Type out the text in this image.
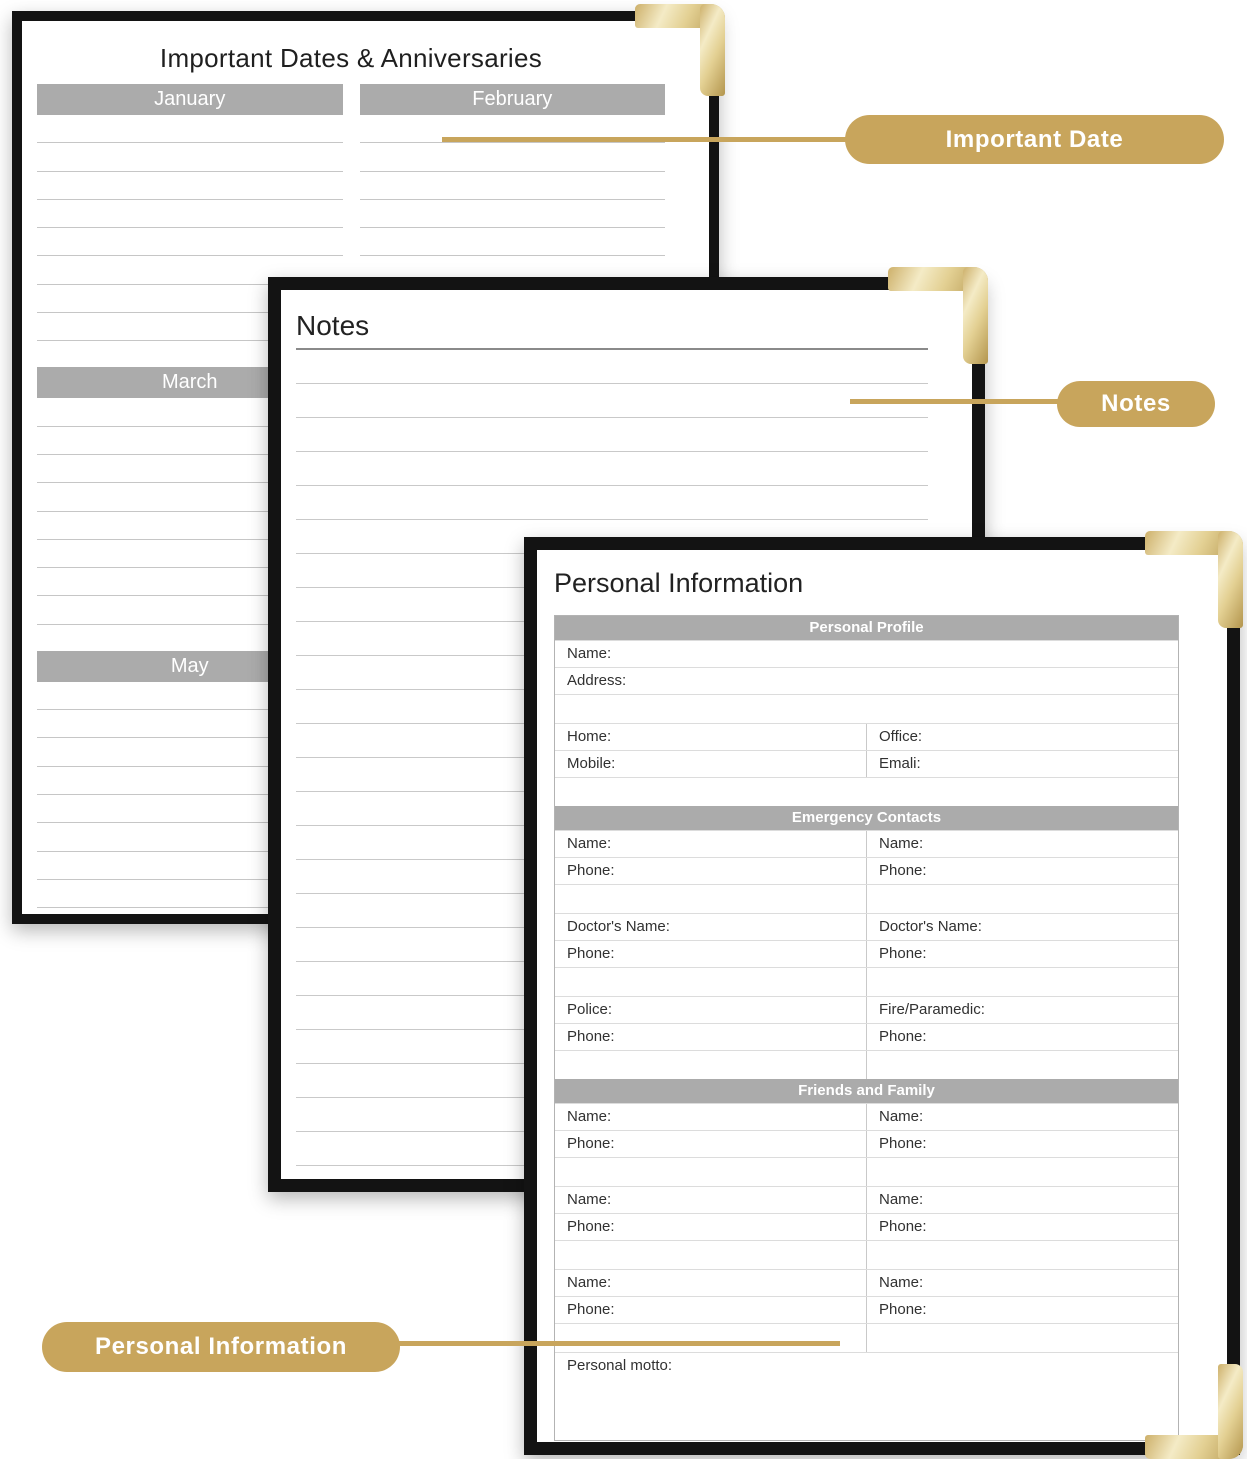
Important Dates & Anniversaries
January
March
May
February
Notes
Personal Information
Personal Profile
Name:
Address:
Home:	Office:
Mobile:	Emali:
Emergency Contacts
Name:	Name:
Phone:	Phone:
Doctor's Name:	Doctor's Name:
Phone:	Phone:
Police:	Fire/Paramedic:
Phone:	Phone:
Friends and Family
Name:	Name:
Phone:	Phone:
Name:	Name:
Phone:	Phone:
Name:	Name:
Phone:	Phone:
Personal motto:
Important Date
Notes
Personal Information
